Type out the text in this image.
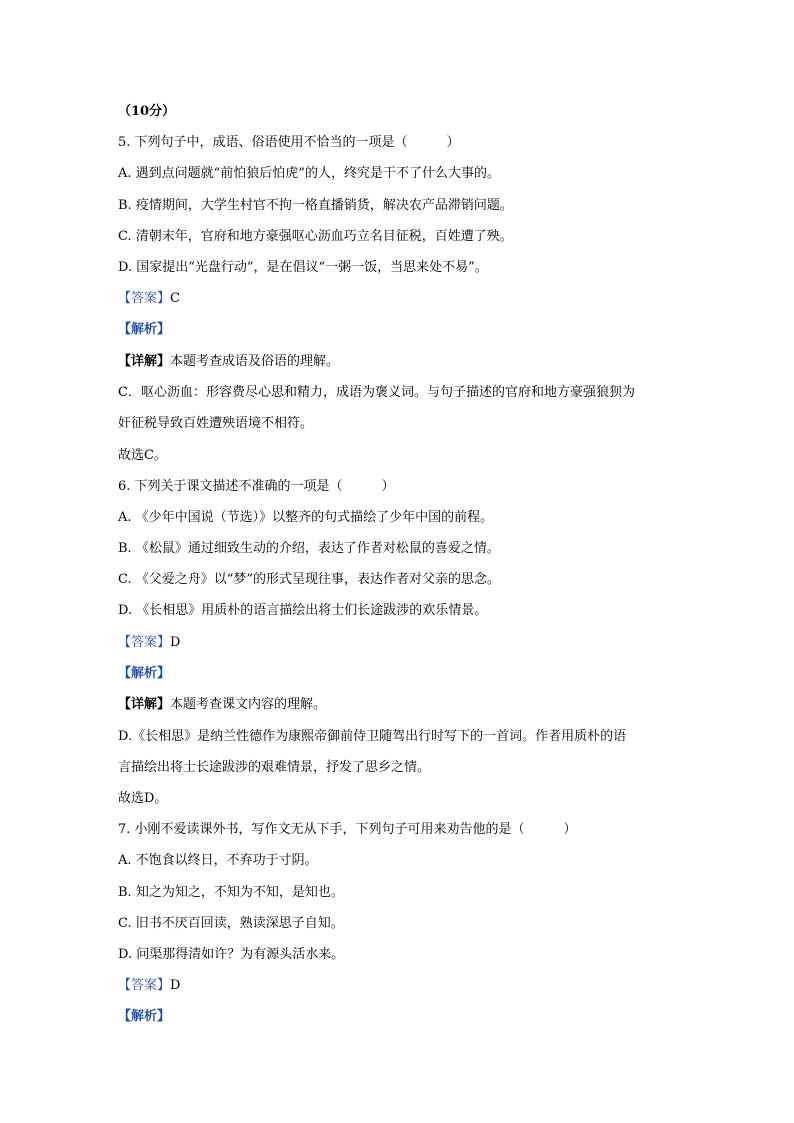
（10分）
5. 下列句子中，成语、俗语使用不恰当的一项是（　　　）
A. 遇到点问题就“前怕狼后怕虎”的人，终究是干不了什么大事的。
B. 疫情期间，大学生村官不拘一格直播销货，解决农产品滞销问题。
C. 清朝末年，官府和地方豪强呕心沥血巧立名目征税，百姓遭了殃。
D. 国家提出“光盘行动”，是在倡议“一粥一饭，当思来处不易”。
【答案】C
【解析】
【详解】本题考查成语及俗语的理解。
C．呕心沥血：形容费尽心思和精力，成语为褒义词。与句子描述的官府和地方豪强狼狈为
奸征税导致百姓遭殃语境不相符。
故选C。
6. 下列关于课文描述不准确的一项是（　　　）
A. 《少年中国说（节选）》以整齐的句式描绘了少年中国的前程。
B. 《松鼠》通过细致生动的介绍，表达了作者对松鼠的喜爱之情。
C. 《父爱之舟》以“梦”的形式呈现往事，表达作者对父亲的思念。
D. 《长相思》用质朴的语言描绘出将士们长途跋涉的欢乐情景。
【答案】D
【解析】
【详解】本题考查课文内容的理解。
D.《长相思》是纳兰性德作为康熙帝御前侍卫随驾出行时写下的一首词。作者用质朴的语
言描绘出将士长途跋涉的艰难情景，抒发了思乡之情。
故选D。
7. 小刚不爱读课外书，写作文无从下手，下列句子可用来劝告他的是（　　　）
A. 不饱食以终日，不弃功于寸阴。
B. 知之为知之，不知为不知，是知也。
C. 旧书不厌百回读，熟读深思子自知。
D. 问渠那得清如许？为有源头活水来。
【答案】D
【解析】
